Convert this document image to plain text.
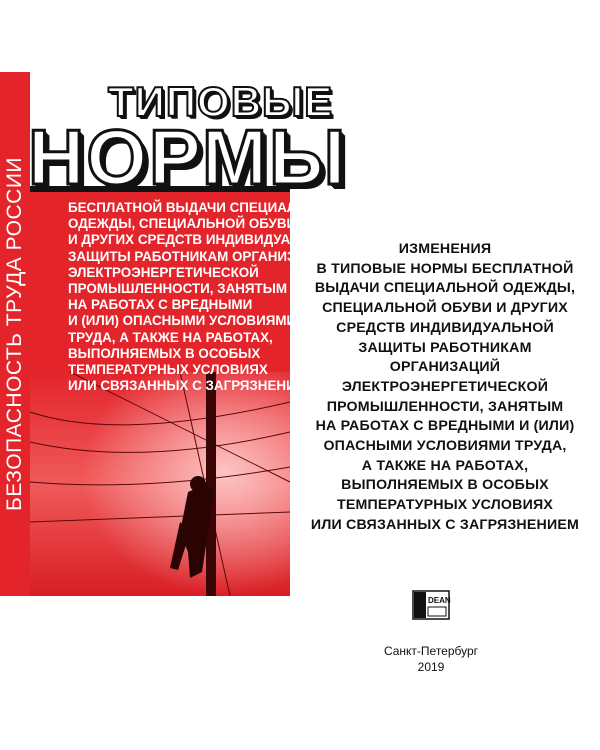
ТИПОВЫЕ
НОРМЫ
БЕСПЛАТНОЙ ВЫДАЧИ СПЕЦИАЛЬНОЙ
ОДЕЖДЫ, СПЕЦИАЛЬНОЙ ОБУВИ
И ДРУГИХ СРЕДСТВ ИНДИВИДУАЛЬНОЙ
ЗАЩИТЫ РАБОТНИКАМ ОРГАНИЗАЦИЙ
ЭЛЕКТРОЭНЕРГЕТИЧЕСКОЙ
ПРОМЫШЛЕННОСТИ, ЗАНЯТЫМ
НА РАБОТАХ С ВРЕДНЫМИ
И (ИЛИ) ОПАСНЫМИ УСЛОВИЯМИ
ТРУДА, А ТАКЖЕ НА РАБОТАХ,
ВЫПОЛНЯЕМЫХ В ОСОБЫХ
ТЕМПЕРАТУРНЫХ УСЛОВИЯХ
ИЛИ СВЯЗАННЫХ С ЗАГРЯЗНЕНИЕМ
БЕЗОПАСНОСТЬ ТРУДА РОССИИ	ИЗМЕНЕНИЯ
В ТИПОВЫЕ НОРМЫ БЕСПЛАТНОЙ
ВЫДАЧИ СПЕЦИАЛЬНОЙ ОДЕЖДЫ,
СПЕЦИАЛЬНОЙ ОБУВИ И ДРУГИХ
СРЕДСТВ ИНДИВИДУАЛЬНОЙ
ЗАЩИТЫ РАБОТНИКАМ
ОРГАНИЗАЦИЙ
ЭЛЕКТРОЭНЕРГЕТИЧЕСКОЙ
ПРОМЫШЛЕННОСТИ, ЗАНЯТЫМ
НА РАБОТАХ С ВРЕДНЫМИ И (ИЛИ)
ОПАСНЫМИ УСЛОВИЯМИ ТРУДА,
А ТАКЖЕ НА РАБОТАХ,
ВЫПОЛНЯЕМЫХ В ОСОБЫХ
ТЕМПЕРАТУРНЫХ УСЛОВИЯХ
ИЛИ СВЯЗАННЫХ С ЗАГРЯЗНЕНИЕМ
DEAN
Санкт-Петербург
2019
